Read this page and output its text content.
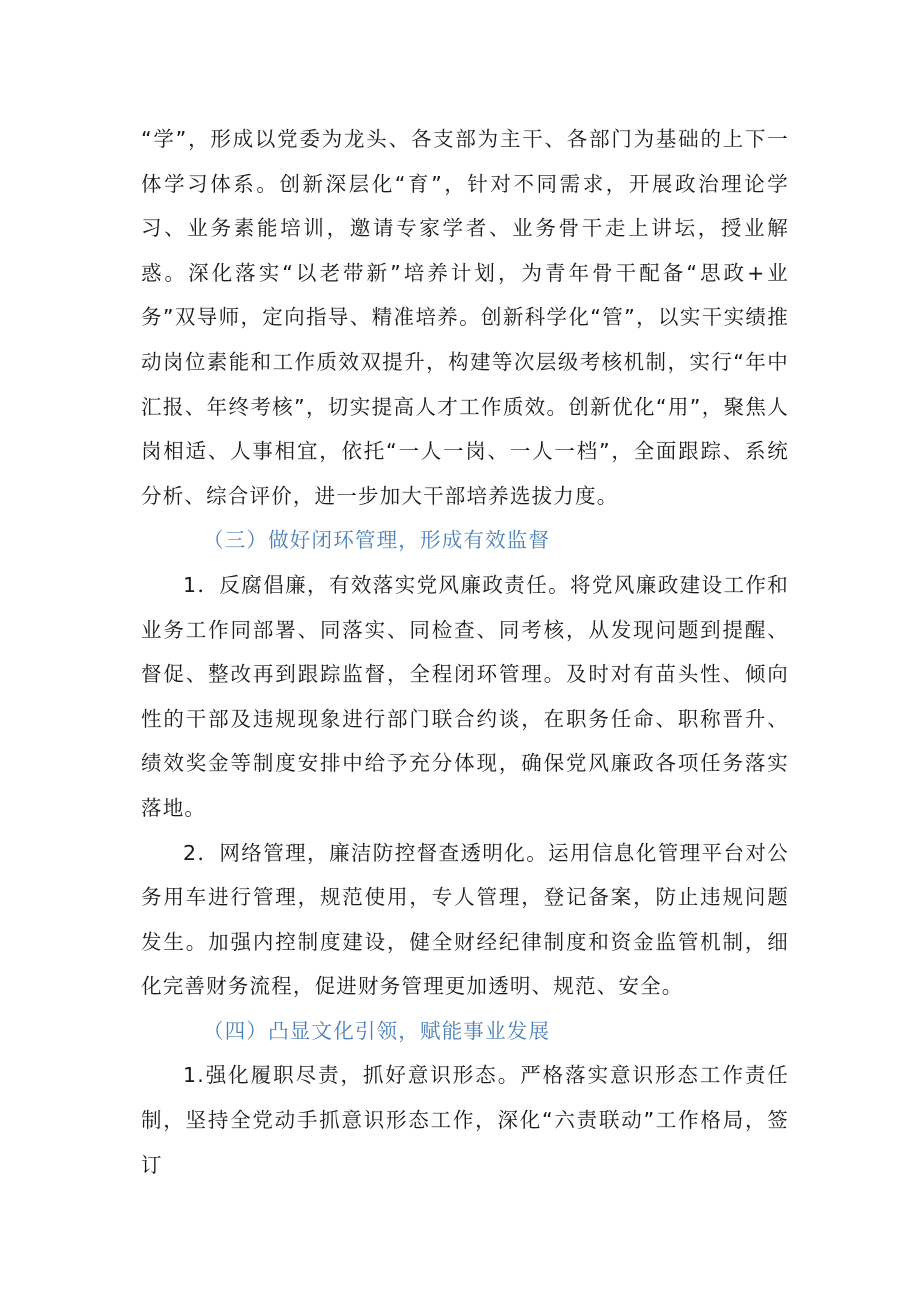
“学”，形成以党委为龙头、各支部为主干、各部门为基础的上下一体学习体系。创新深层化“育”，针对不同需求，开展政治理论学习、业务素能培训，邀请专家学者、业务骨干走上讲坛，授业解惑。深化落实“以老带新”培养计划，为青年骨干配备“思政+业务”双导师，定向指导、精准培养。创新科学化“管”，以实干实绩推动岗位素能和工作质效双提升，构建等次层级考核机制，实行“年中汇报、年终考核”，切实提高人才工作质效。创新优化“用”，聚焦人岗相适、人事相宜，依托“一人一岗、一人一档”，全面跟踪、系统分析、综合评价，进一步加大干部培养选拔力度。

（三）做好闭环管理，形成有效监督

1．反腐倡廉，有效落实党风廉政责任。将党风廉政建设工作和业务工作同部署、同落实、同检查、同考核，从发现问题到提醒、督促、整改再到跟踪监督，全程闭环管理。及时对有苗头性、倾向性的干部及违规现象进行部门联合约谈，在职务任命、职称晋升、绩效奖金等制度安排中给予充分体现，确保党风廉政各项任务落实落地。

2．网络管理，廉洁防控督查透明化。运用信息化管理平台对公务用车进行管理，规范使用，专人管理，登记备案，防止违规问题发生。加强内控制度建设，健全财经纪律制度和资金监管机制，细化完善财务流程，促进财务管理更加透明、规范、安全。

（四）凸显文化引领，赋能事业发展

1.强化履职尽责，抓好意识形态。严格落实意识形态工作责任制，坚持全党动手抓意识形态工作，深化“六责联动”工作格局，签订
